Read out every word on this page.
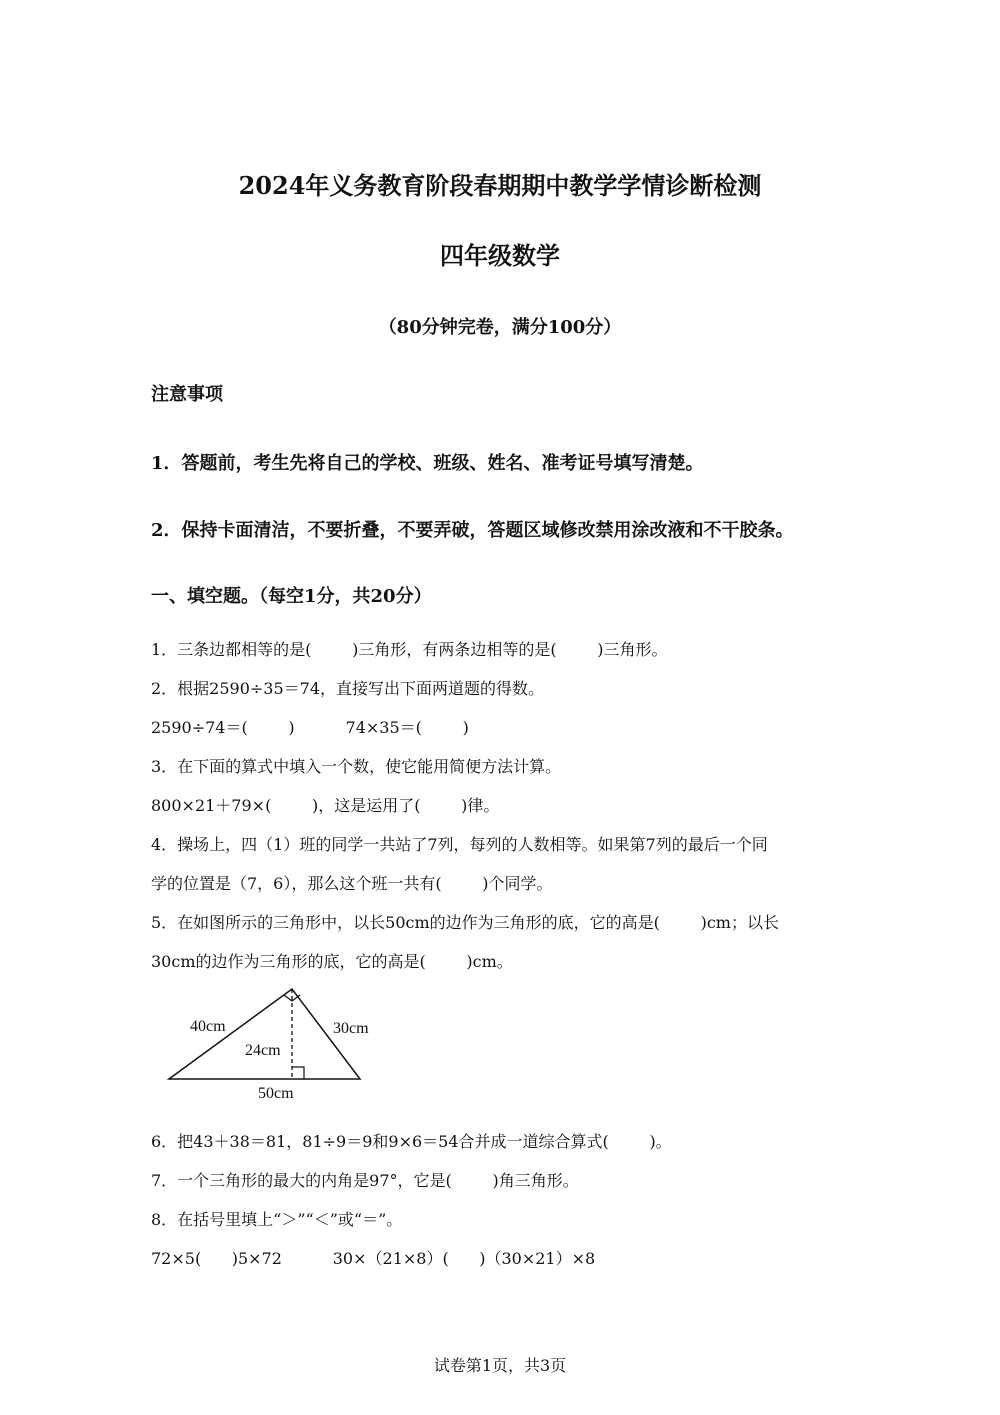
2024年义务教育阶段春期期中教学学情诊断检测
四年级数学
（80分钟完卷，满分100分）
注意事项
1．答题前，考生先将自己的学校、班级、姓名、准考证号填写清楚。
2．保持卡面清洁，不要折叠，不要弄破，答题区域修改禁用涂改液和不干胶条。
一、填空题。（每空1分，共20分）
1．三条边都相等的是(        )三角形，有两条边相等的是(        )三角形。
2．根据2590÷35＝74，直接写出下面两道题的得数。
2590÷74＝(        )          74×35＝(        )
3．在下面的算式中填入一个数，使它能用简便方法计算。
800×21＋79×(        )，这是运用了(        )律。
4．操场上，四（1）班的同学一共站了7列，每列的人数相等。如果第7列的最后一个同
学的位置是（7，6），那么这个班一共有(        )个同学。
5．在如图所示的三角形中，以长50cm的边作为三角形的底，它的高是(        )cm；以长
30cm的边作为三角形的底，它的高是(        )cm。
40cm	30cm
24cm
50cm
6．把43＋38＝81，81÷9＝9和9×6＝54合并成一道综合算式(        )。
7．一个三角形的最大的内角是97°，它是(        )角三角形。
8．在括号里填上“＞”“＜”或“＝”。
72×5(      )5×72          30×（21×8）(      )（30×21）×8
试卷第1页，共3页
